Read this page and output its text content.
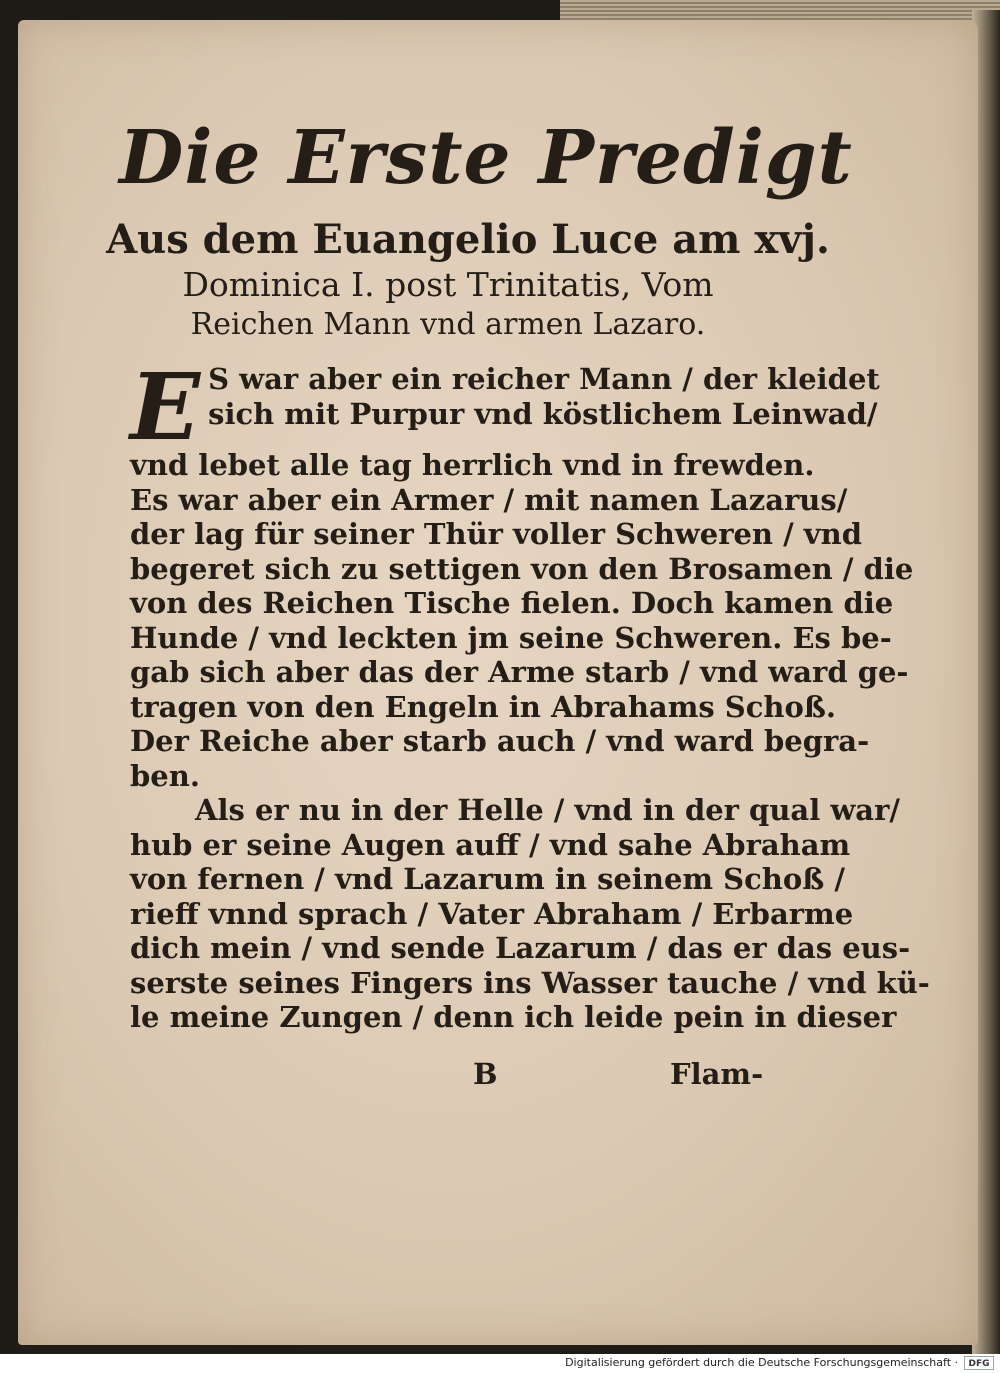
Die Erste Predigt
Aus dem Euangelio Luce am xvj.
Dominica I. post Trinitatis, Vom
Reichen Mann vnd armen Lazaro.
E S war aber ein reicher Mann / der kleidet
sich mit Purpur vnd köstlichem Leinwad/
vnd lebet alle tag herrlich vnd in frewden.
Es war aber ein Armer / mit namen Lazarus/
der lag für seiner Thür voller Schweren / vnd
begeret sich zu settigen von den Brosamen / die
von des Reichen Tische fielen. Doch kamen die
Hunde / vnd leckten jm seine Schweren. Es be-
gab sich aber das der Arme starb / vnd ward ge-
tragen von den Engeln in Abrahams Schoß.
Der Reiche aber starb auch / vnd ward begra-
ben.
Als er nu in der Helle / vnd in der qual war/
hub er seine Augen auff / vnd sahe Abraham
von fernen / vnd Lazarum in seinem Schoß /
rieff vnnd sprach / Vater Abraham / Erbarme
dich mein / vnd sende Lazarum / das er das eus-
serste seines Fingers ins Wasser tauche / vnd kü-
le meine Zungen / denn ich leide pein in dieser
B	Flam-
Digitalisierung gefördert durch die Deutsche Forschungsgemeinschaft ·	DFG
